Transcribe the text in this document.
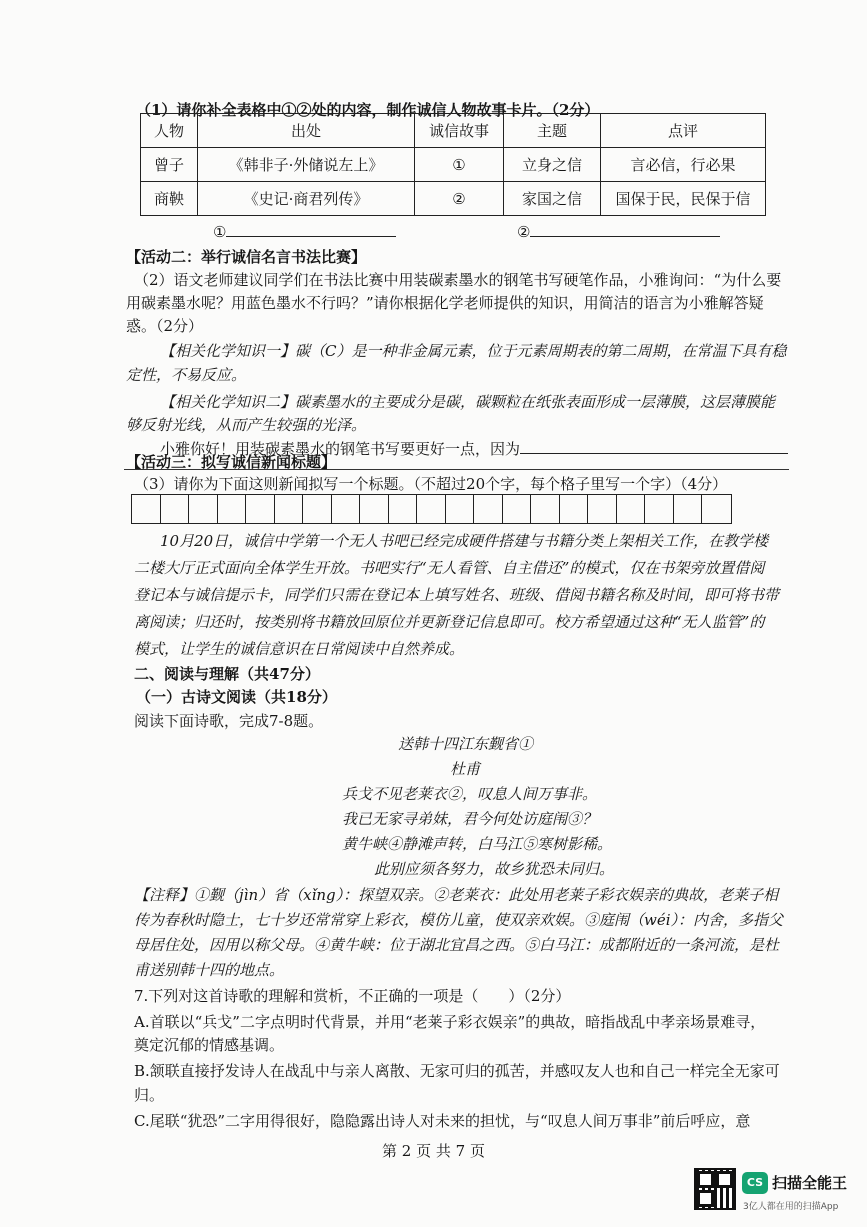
（1）请你补全表格中①②处的内容，制作诚信人物故事卡片。（2分）
人物	出处	诚信故事	主题	点评
曾子	《韩非子·外储说左上》	①	立身之信	言必信，行必果
商鞅	《史记·商君列传》	②	家国之信	国保于民，民保于信
①	②
【活动二：举行诚信名言书法比赛】
（2）语文老师建议同学们在书法比赛中用装碳素墨水的钢笔书写硬笔作品，小雅询问：“为什么要
用碳素墨水呢？用蓝色墨水不行吗？”请你根据化学老师提供的知识，用简洁的语言为小雅解答疑
惑。（2分）
【相关化学知识一】碳（C）是一种非金属元素，位于元素周期表的第二周期，在常温下具有稳
定性，不易反应。
【相关化学知识二】碳素墨水的主要成分是碳，碳颗粒在纸张表面形成一层薄膜，这层薄膜能
够反射光线，从而产生较强的光泽。
小雅你好！用装碳素墨水的钢笔书写要更好一点，因为
【活动三：拟写诚信新闻标题】
（3）请你为下面这则新闻拟写一个标题。（不超过20个字，每个格子里写一个字）（4分）
10月20日，诚信中学第一个无人书吧已经完成硬件搭建与书籍分类上架相关工作，在教学楼
二楼大厅正式面向全体学生开放。书吧实行“无人看管、自主借还”的模式，仅在书架旁放置借阅
登记本与诚信提示卡，同学们只需在登记本上填写姓名、班级、借阅书籍名称及时间，即可将书带
离阅读；归还时，按类别将书籍放回原位并更新登记信息即可。校方希望通过这种“无人监管”的
模式，让学生的诚信意识在日常阅读中自然养成。
二、阅读与理解（共47分）
（一）古诗文阅读（共18分）
阅读下面诗歌，完成7-8题。
送韩十四江东觐省①
杜甫
兵戈不见老莱衣②，叹息人间万事非。
我已无家寻弟妹，君今何处访庭闱③？
黄牛峡④静滩声转，白马江⑤寒树影稀。
此别应须各努力，故乡犹恐未同归。
【注释】①觐（jìn）省（xǐng）：探望双亲。②老莱衣：此处用老莱子彩衣娱亲的典故，老莱子相
传为春秋时隐士，七十岁还常常穿上彩衣，模仿儿童，使双亲欢娱。③庭闱（wéi）：内舍，多指父
母居住处，因用以称父母。④黄牛峡：位于湖北宜昌之西。⑤白马江：成都附近的一条河流，是杜
甫送别韩十四的地点。
7.下列对这首诗歌的理解和赏析，不正确的一项是（　　）（2分）
A.首联以“兵戈”二字点明时代背景，并用“老莱子彩衣娱亲”的典故，暗指战乱中孝亲场景难寻，
奠定沉郁的情感基调。
B.颔联直接抒发诗人在战乱中与亲人离散、无家可归的孤苦，并感叹友人也和自己一样完全无家可
归。
C.尾联“犹恐”二字用得很好，隐隐露出诗人对未来的担忧，与“叹息人间万事非”前后呼应，意
第 2 页 共 7 页
CS 扫描全能王
3亿人都在用的扫描App
